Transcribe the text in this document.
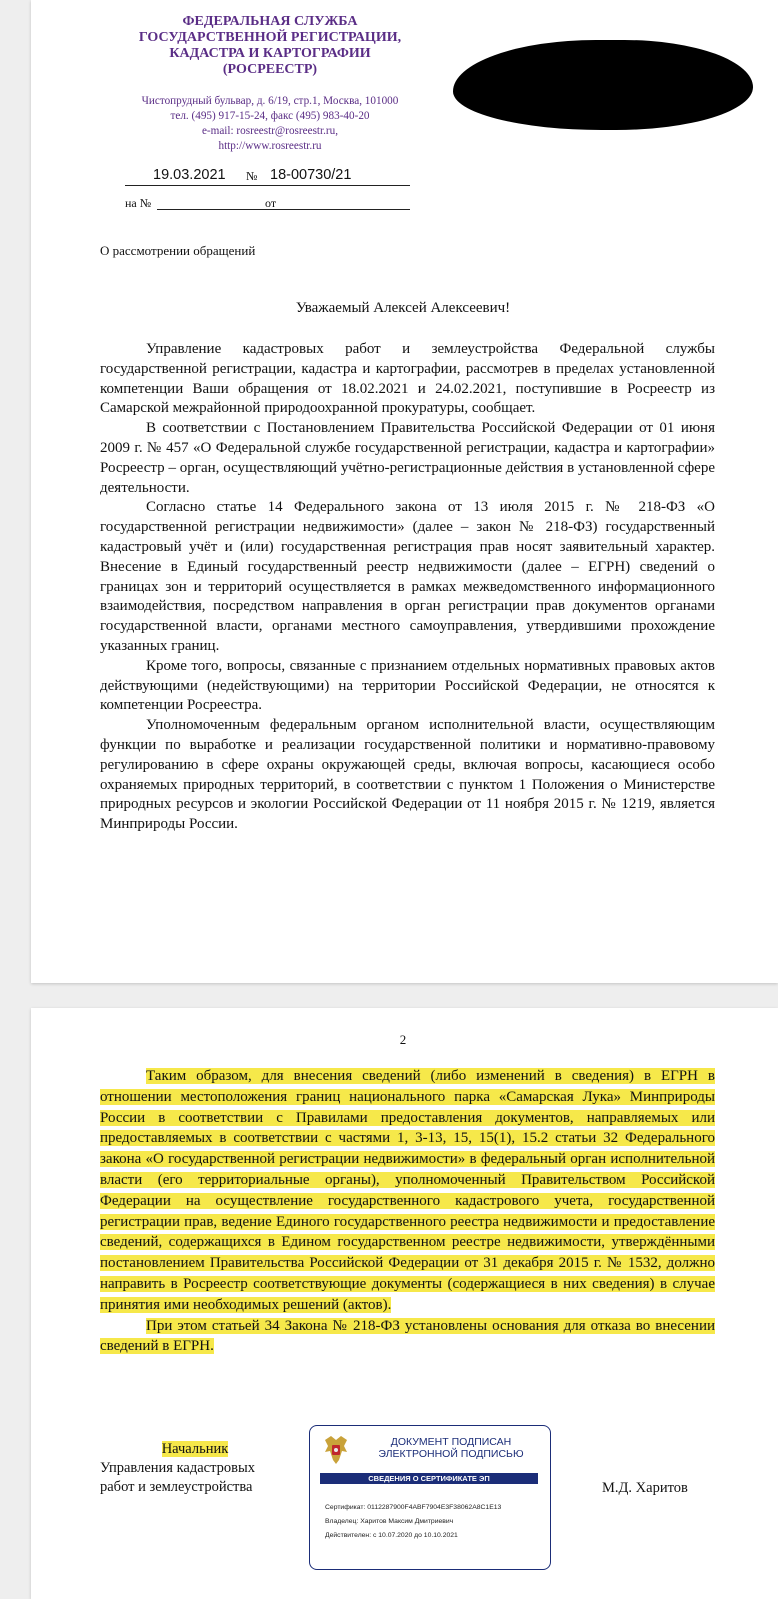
ФЕДЕРАЛЬНАЯ СЛУЖБА
ГОСУДАРСТВЕННОЙ РЕГИСТРАЦИИ,
КАДАСТРА И КАРТОГРАФИИ
(РОСРЕЕСТР)
Чистопрудный бульвар, д. 6/19, стр.1, Москва, 101000
тел. (495) 917-15-24, факс (495) 983-40-20
e-mail: rosreestr@rosreestr.ru,
http://www.rosreestr.ru
19.03.2021 № 18-00730/21
на №	от
О рассмотрении обращений
Уважаемый Алексей Алексеевич!

Управление кадастровых работ и землеустройства Федеральной службы государственной регистрации, кадастра и картографии, рассмотрев в пределах установленной компетенции Ваши обращения от 18.02.2021 и 24.02.2021, поступившие в Росреестр из Самарской межрайонной природоохранной прокуратуры, сообщает.

В соответствии с Постановлением Правительства Российской Федерации от 01 июня 2009 г. № 457 «О Федеральной службе государственной регистрации, кадастра и картографии» Росреестр – орган, осуществляющий учётно-регистрационные действия в установленной сфере деятельности.

Согласно статье 14 Федерального закона от 13 июля 2015 г. № 218-ФЗ «О государственной регистрации недвижимости» (далее – закон № 218-ФЗ) государственный кадастровый учёт и (или) государственная регистрация прав носят заявительный характер. Внесение в Единый государственный реестр недвижимости (далее – ЕГРН) сведений о границах зон и территорий осуществляется в рамках межведомственного информационного взаимодействия, посредством направления в орган регистрации прав документов органами государственной власти, органами местного самоуправления, утвердившими прохождение указанных границ.

Кроме того, вопросы, связанные с признанием отдельных нормативных правовых актов действующими (недействующими) на территории Российской Федерации, не относятся к компетенции Росреестра.

Уполномоченным федеральным органом исполнительной власти, осуществляющим функции по выработке и реализации государственной политики и нормативно-правовому регулированию в сфере охраны окружающей среды, включая вопросы, касающиеся особо охраняемых природных территорий, в соответствии с пунктом 1 Положения о Министерстве природных ресурсов и экологии Российской Федерации от 11 ноября 2015 г. № 1219, является Минприроды России.

2

Таким образом, для внесения сведений (либо изменений в сведения) в ЕГРН в отношении местоположения границ национального парка «Самарская Лука» Минприроды России в соответствии с Правилами предоставления документов, направляемых или предоставляемых в соответствии с частями 1, 3-13, 15, 15(1), 15.2 статьи 32 Федерального закона «О государственной регистрации недвижимости» в федеральный орган исполнительной власти (его территориальные органы), уполномоченный Правительством Российской Федерации на осуществление государственного кадастрового учета, государственной регистрации прав, ведение Единого государственного реестра недвижимости и предоставление сведений, содержащихся в Едином государственном реестре недвижимости, утверждёнными постановлением Правительства Российской Федерации от 31 декабря 2015 г. № 1532, должно направить в Росреестр соответствующие документы (содержащиеся в них сведения) в случае принятия ими необходимых решений (актов).

При этом статьей 34 Закона № 218-ФЗ установлены основания для отказа во внесении сведений в ЕГРН.

Начальник
Управления кадастровых
работ и землеустройства
ДОКУМЕНТ ПОДПИСАН
ЭЛЕКТРОННОЙ ПОДПИСЬЮ
СВЕДЕНИЯ О СЕРТИФИКАТЕ ЭП
Сертификат: 0112287900F4ABF7904E3F38062A8C1E13
Владелец: Харитов Максим Дмитриевич
Действителен: с 10.07.2020 до 10.10.2021
М.Д. Харитов
